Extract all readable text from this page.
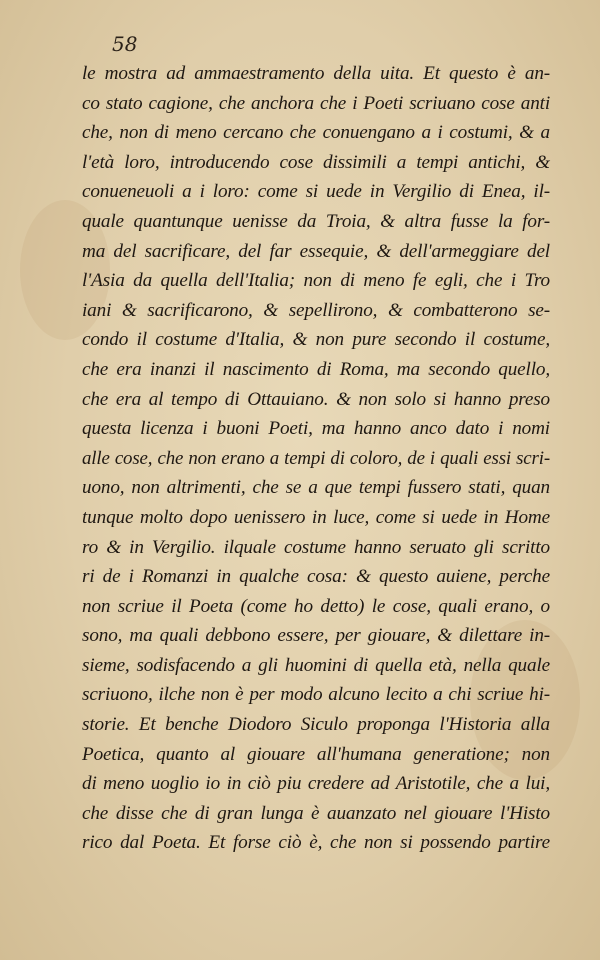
58
le mostra ad ammaestramento della uita. Et questo è an-
co stato cagione, che anchora che i Poeti scriuano cose anti
che, non di meno cercano che conuengano a i costumi, & a
l'età loro, introducendo cose dissimili a tempi antichi, &
conueneuoli a i loro: come si uede in Vergilio di Enea, il-
quale quantunque uenisse da Troia, & altra fusse la for-
ma del sacrificare, del far essequie, & dell'armeggiare del
l'Asia da quella dell'Italia; non di meno fe egli, che i Tro
iani & sacrificarono, & sepellirono, & combatterono se-
condo il costume d'Italia, & non pure secondo il costume,
che era inanzi il nascimento di Roma, ma secondo quello,
che era al tempo di Ottauiano. & non solo si hanno preso
questa licenza i buoni Poeti, ma hanno anco dato i nomi
alle cose, che non erano a tempi di coloro, de i quali essi scri-
uono, non altrimenti, che se a que tempi fussero stati, quan
tunque molto dopo uenissero in luce, come si uede in Home
ro & in Vergilio. ilquale costume hanno seruato gli scritto
ri de i Romanzi in qualche cosa: & questo auiene, perche
non scriue il Poeta (come ho detto) le cose, quali erano, o
sono, ma quali debbono essere, per giouare, & dilettare in-
sieme, sodisfacendo a gli huomini di quella età, nella quale
scriuono, ilche non è per modo alcuno lecito a chi scriue hi-
storie. Et benche Diodoro Siculo proponga l'Historia alla
Poetica, quanto al giouare all'humana generatione; non
di meno uoglio io in ciò piu credere ad Aristotile, che a lui,
che disse che di gran lunga è auanzato nel giouare l'Histo
rico dal Poeta. Et forse ciò è, che non si possendo partire
